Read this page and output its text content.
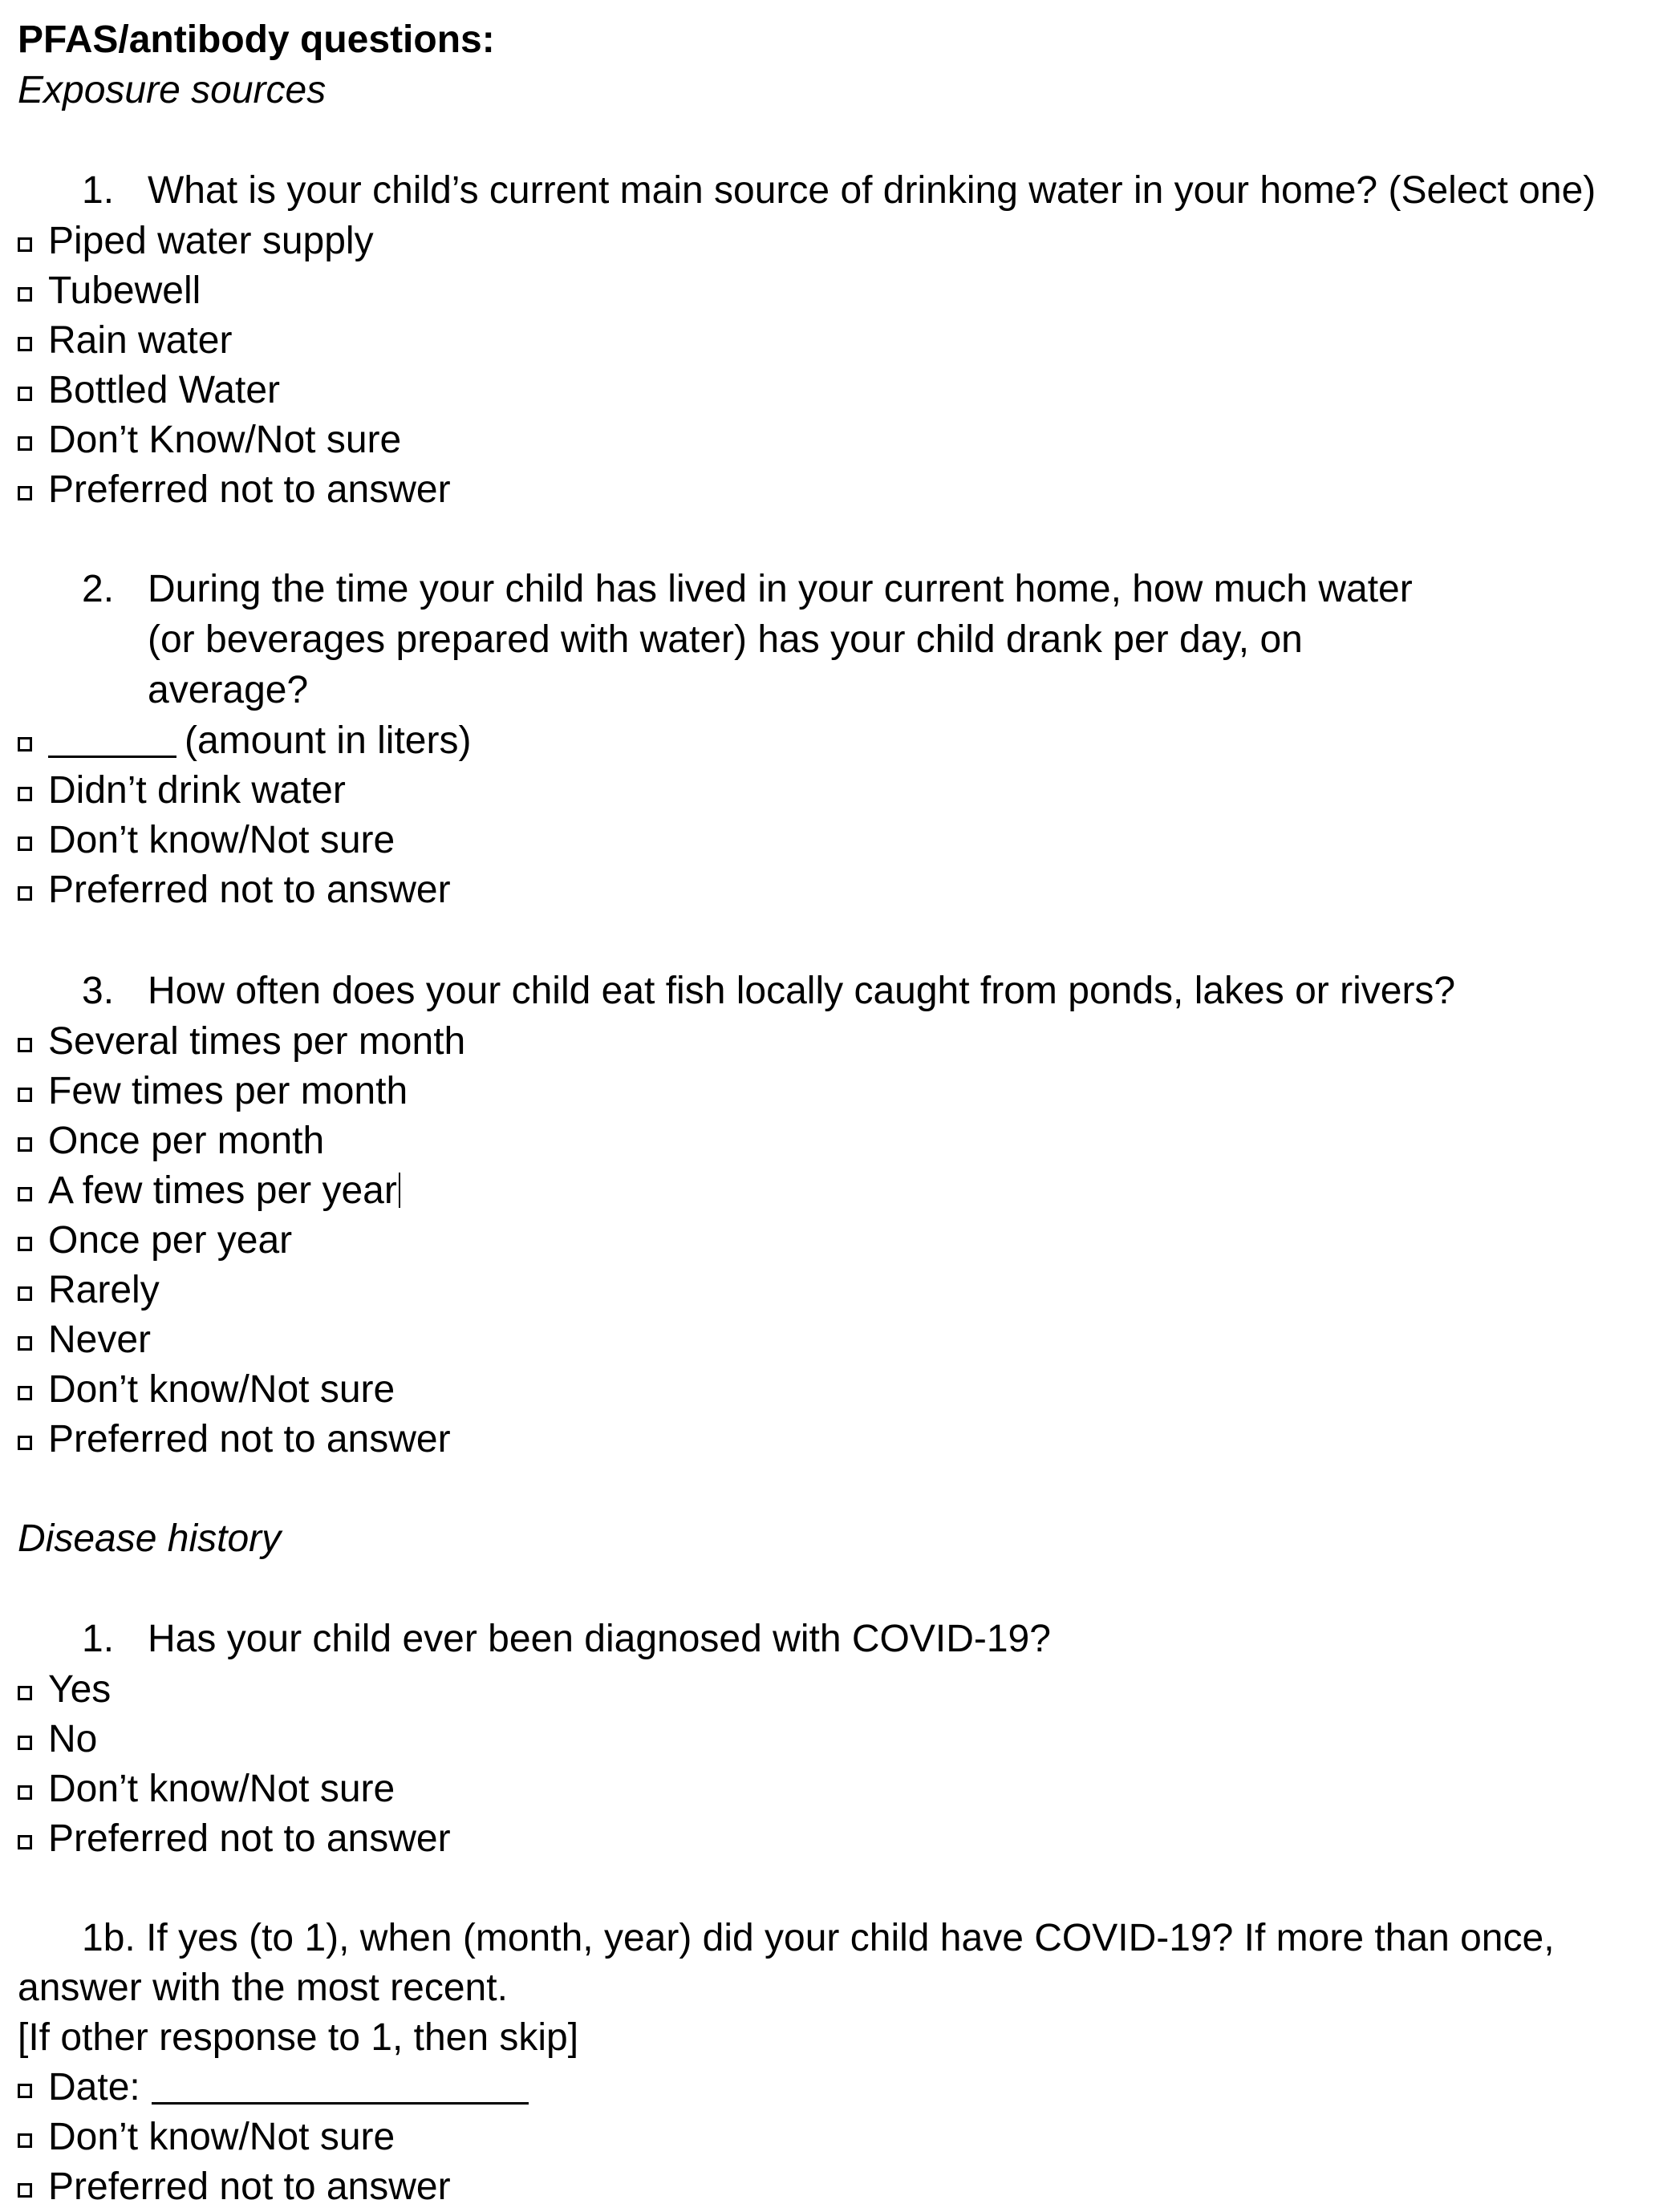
PFAS/antibody questions:
Exposure sources
1. What is your child’s current main source of drinking water in your home? (Select one)
Piped water supply
Tubewell
Rain water
Bottled Water
Don’t Know/Not sure
Preferred not to answer
2. During the time your child has lived in your current home, how much water (or beverages prepared with water) has your child drank per day, on average?
(amount in liters)
Didn’t drink water
Don’t know/Not sure
Preferred not to answer
3. How often does your child eat fish locally caught from ponds, lakes or rivers?
Several times per month
Few times per month
Once per month
A few times per year
Once per year
Rarely
Never
Don’t know/Not sure
Preferred not to answer
Disease history
1. Has your child ever been diagnosed with COVID-19?
Yes
No
Don’t know/Not sure
Preferred not to answer
1b. If yes (to 1), when (month, year) did your child have COVID-19? If more than once,
answer with the most recent.
[If other response to 1, then skip]
Date:
Don’t know/Not sure
Preferred not to answer
